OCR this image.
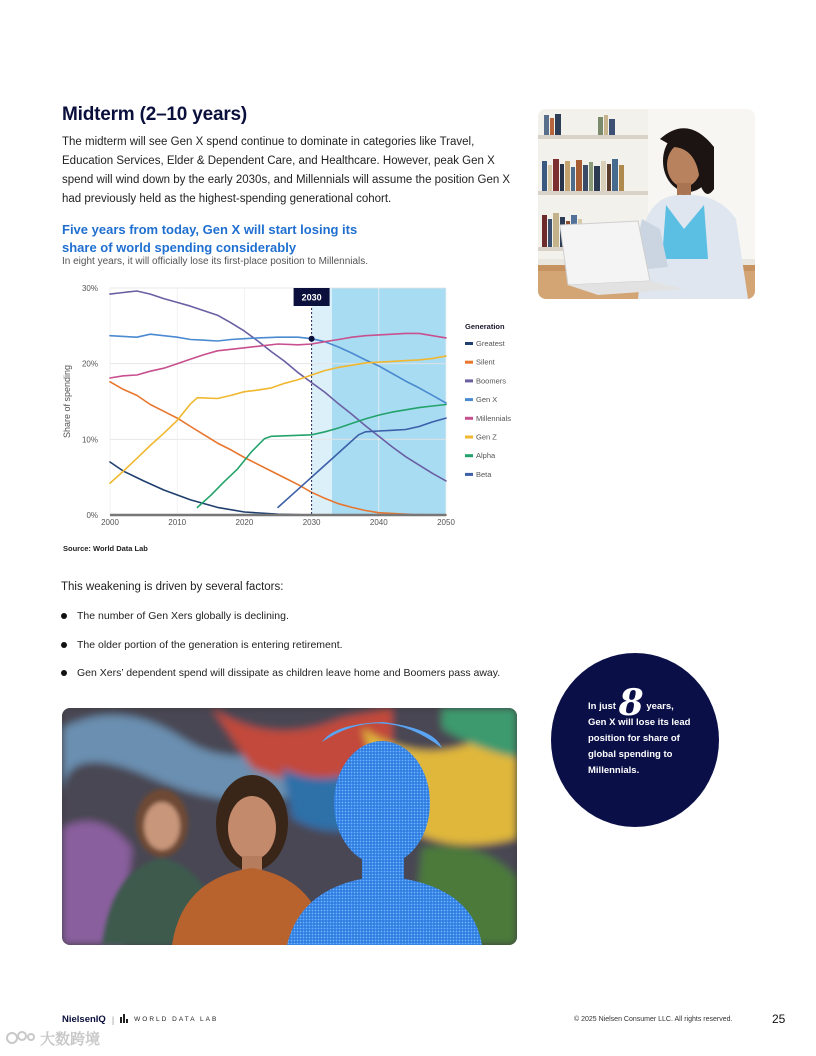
Midterm (2–10 years)
The midterm will see Gen X spend continue to dominate in categories like Travel, Education Services, Elder & Dependent Care, and Healthcare. However, peak Gen X spend will wind down by the early 2030s, and Millennials will assume the position Gen X had previously held as the highest-spending generational cohort.
Five years from today, Gen X will start losing its share of world spending considerably
In eight years, it will officially lose its first-place position to Millennials.
2030
0%
10%
20%
30%
2000	2010	2020	2030	2040	2050
Share of spending
Generation
Greatest
Silent
Boomers
Gen X
Millennials
Gen Z
Alpha
Beta
Source: World Data Lab
This weakening is driven by several factors:
The number of Gen Xers globally is declining.
The older portion of the generation is entering retirement.
Gen Xers’ dependent spend will dissipate as children leave home and Boomers pass away.
In just 8 years,
Gen X will lose its lead position for share of global spending to Millennials.
NielsenIQ |	WORLD DATA LAB	© 2025 Nielsen Consumer LLC. All rights reserved.	25
大数跨境
